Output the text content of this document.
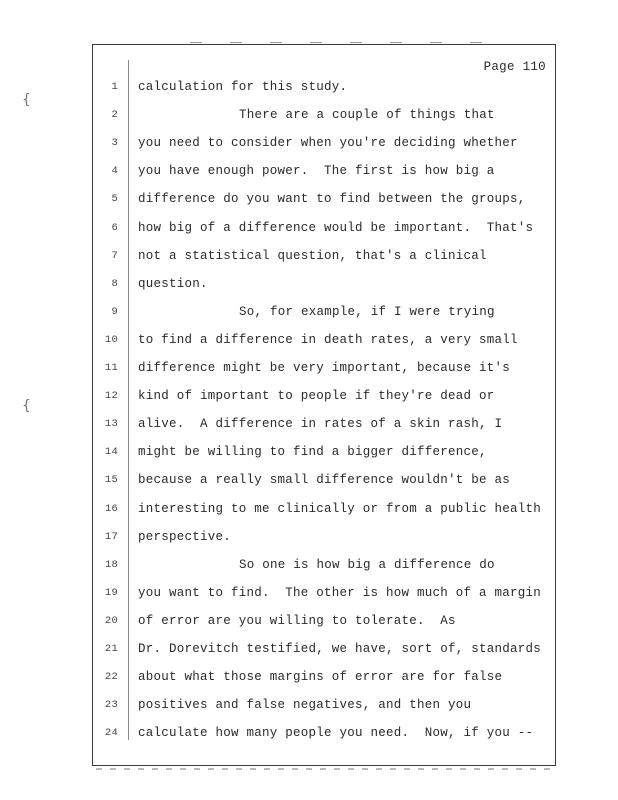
{
{
Page 110
1 calculation for this study.
2	There are a couple of things that
3 you need to consider when you're deciding whether
4 you have enough power.  The first is how big a
5 difference do you want to find between the groups,
6 how big of a difference would be important.  That's
7 not a statistical question, that's a clinical
8 question.
9	So, for example, if I were trying
10 to find a difference in death rates, a very small
11 difference might be very important, because it's
12 kind of important to people if they're dead or
13 alive.  A difference in rates of a skin rash, I
14 might be willing to find a bigger difference,
15 because a really small difference wouldn't be as
16 interesting to me clinically or from a public health
17 perspective.
18	So one is how big a difference do
19 you want to find.  The other is how much of a margin
20 of error are you willing to tolerate.  As
21 Dr. Dorevitch testified, we have, sort of, standards
22 about what those margins of error are for false
23 positives and false negatives, and then you
24 calculate how many people you need.  Now, if you --
